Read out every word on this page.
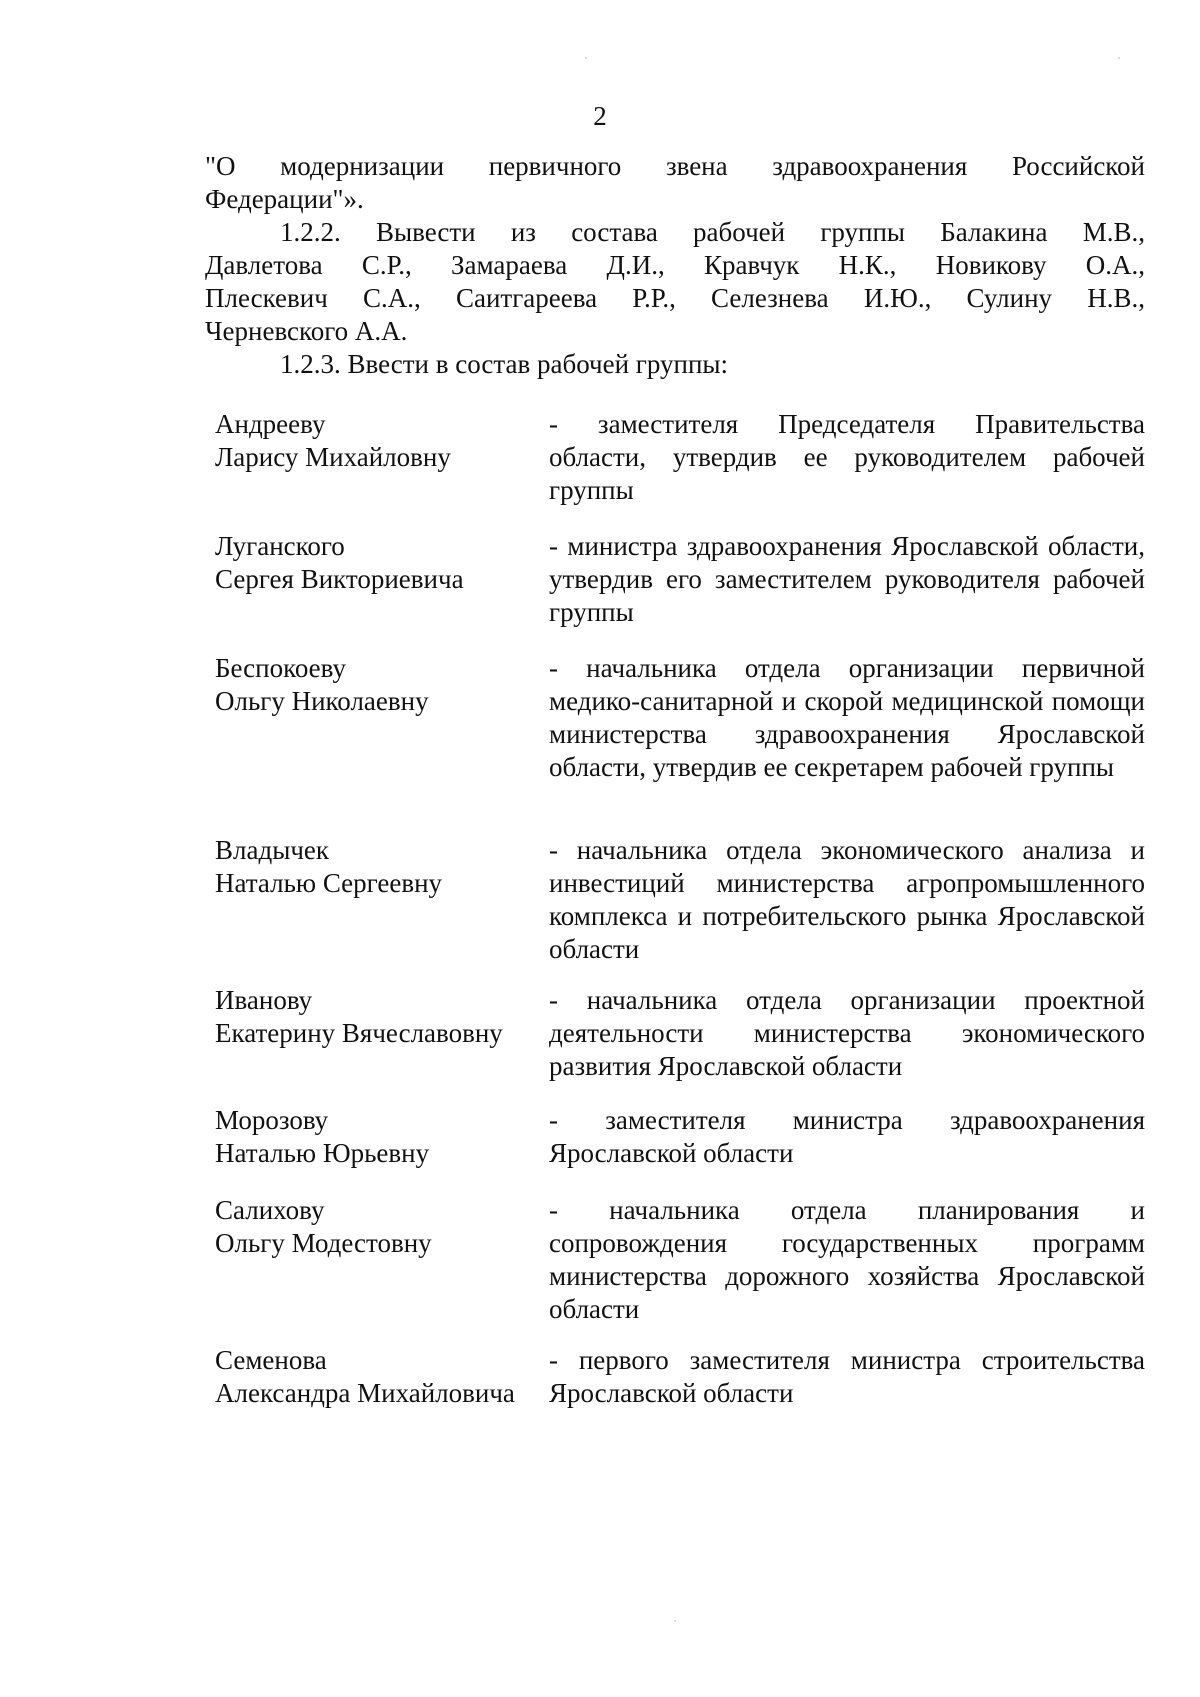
2
"О модернизации первичного звена здравоохранения Российской
Федерации"».
1.2.2. Вывести из состава рабочей группы Балакина М.В.,
Давлетова С.Р., Замараева Д.И., Кравчук Н.К., Новикову О.А.,
Плескевич С.А., Саитгареева Р.Р., Селезнева И.Ю., Сулину Н.В.,
Черневского А.А.
1.2.3. Ввести в состав рабочей группы:
Андрееву
Ларису Михайловну
- заместителя Председателя Правительства области, утвердив ее руководителем рабочей группы
Луганского
Сергея Викториевича
- министра здравоохранения Ярославской области, утвердив его заместителем руководителя рабочей группы
Беспокоеву
Ольгу Николаевну
- начальника отдела организации первичной медико-санитарной и скорой медицинской помощи министерства здравоохранения Ярославской области, утвердив ее секретарем рабочей группы
Владычек
Наталью Сергеевну
- начальника отдела экономического анализа и инвестиций министерства агропромышленного комплекса и потребительского рынка Ярославской области
Иванову
Екатерину Вячеславовну
- начальника отдела организации проектной деятельности министерства экономического развития Ярославской области
Морозову
Наталью Юрьевну
- заместителя министра здравоохранения Ярославской области
Салихову
Ольгу Модестовну
- начальника отдела планирования и сопровождения государственных программ министерства дорожного хозяйства Ярославской области
Семенова
Александра Михайловича
- первого заместителя министра строительства Ярославской области
